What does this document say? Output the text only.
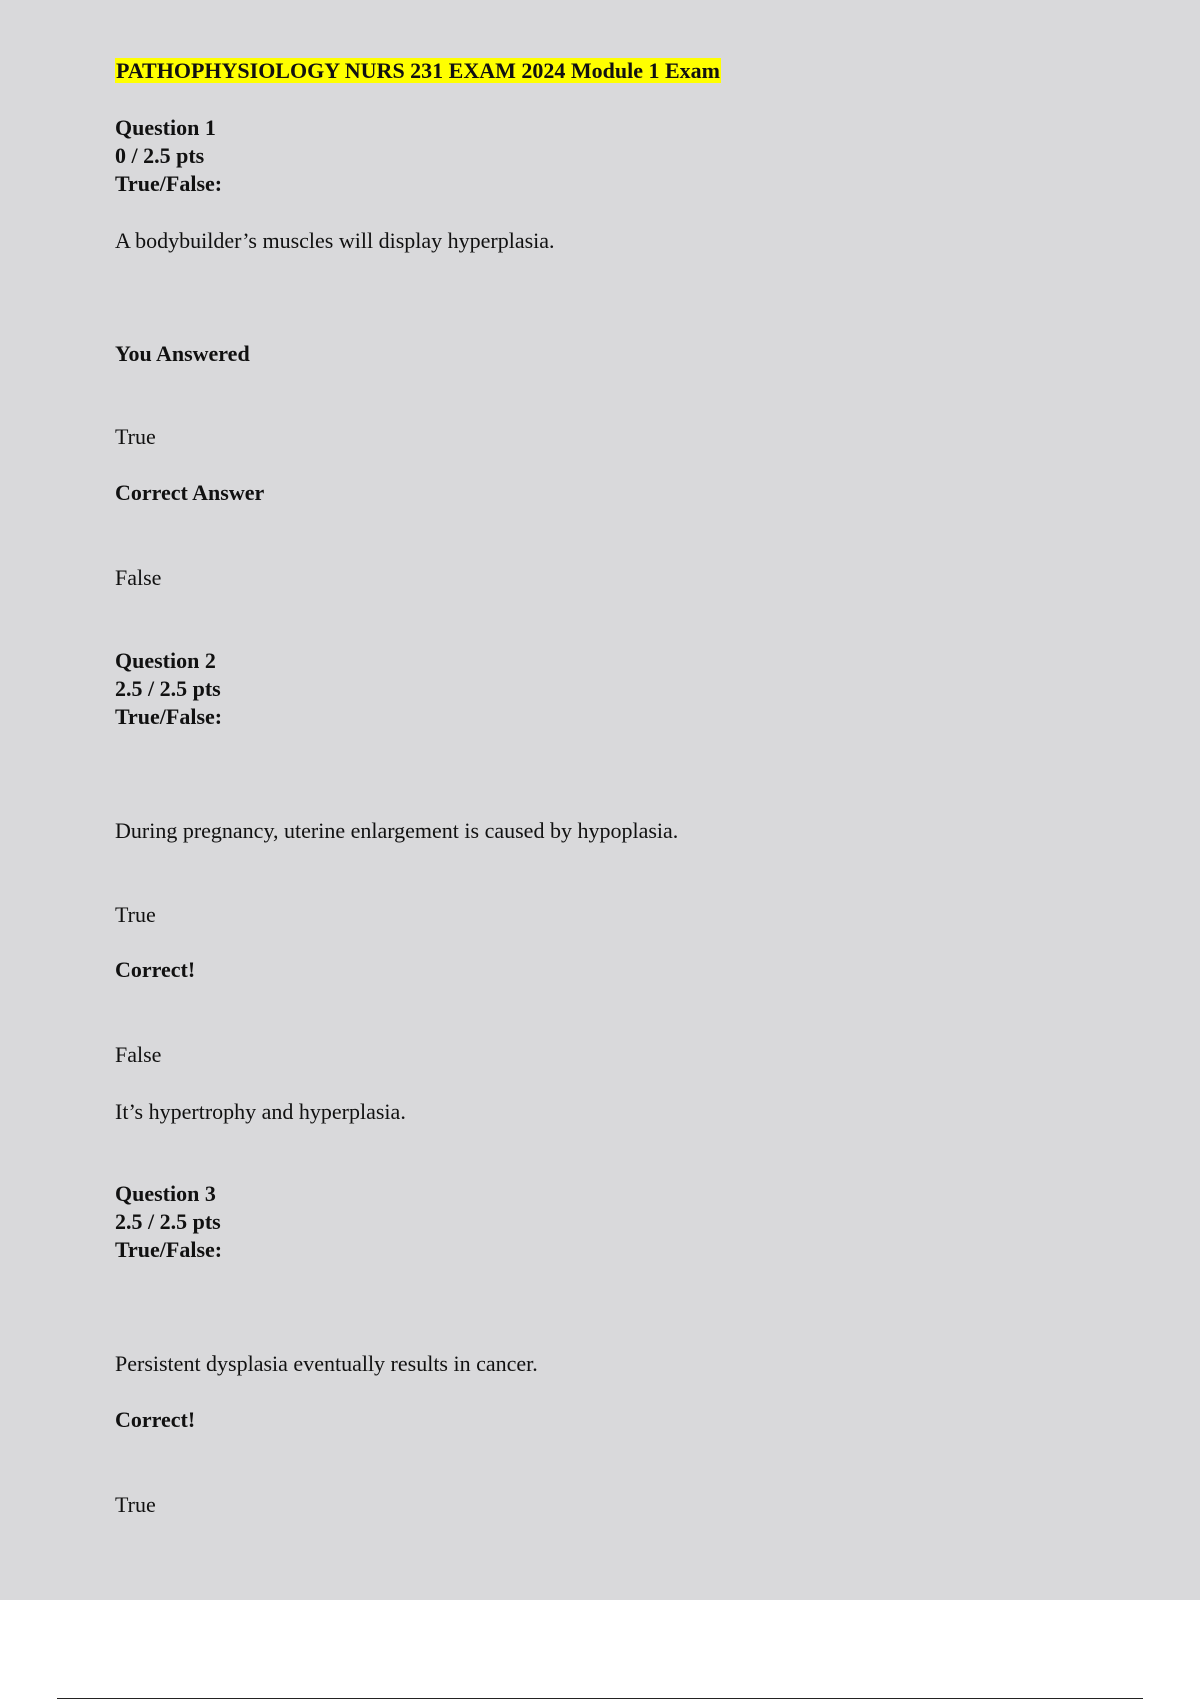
PATHOPHYSIOLOGY NURS 231 EXAM 2024 Module 1 Exam
Question 1
0 / 2.5 pts
True/False:
A bodybuilder’s muscles will display hyperplasia.
You Answered
True
Correct Answer
False
Question 2
2.5 / 2.5 pts
True/False:
During pregnancy, uterine enlargement is caused by hypoplasia.
True
Correct!
False
It’s hypertrophy and hyperplasia.
Question 3
2.5 / 2.5 pts
True/False:
Persistent dysplasia eventually results in cancer.
Correct!
True
